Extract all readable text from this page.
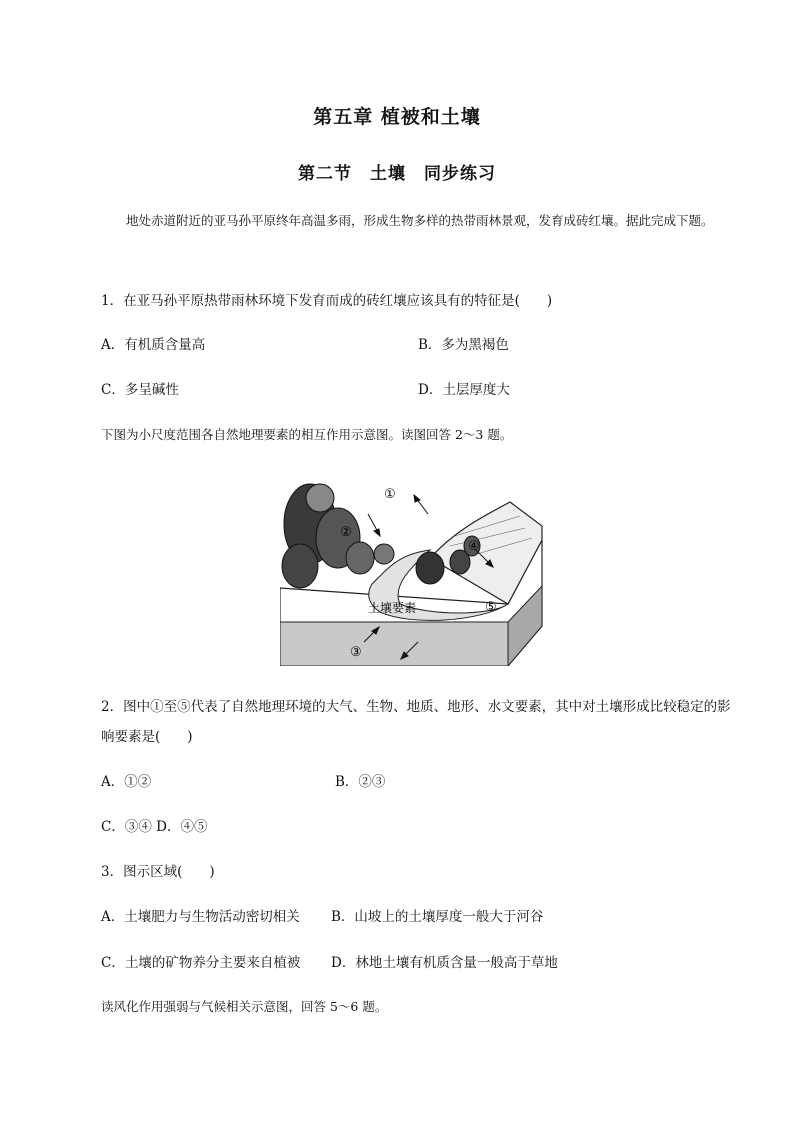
第五章 植被和土壤
第二节　土壤　同步练习
地处赤道附近的亚马孙平原终年高温多雨，形成生物多样的热带雨林景观，发育成砖红壤。据此完成下题。
1．在亚马孙平原热带雨林环境下发育而成的砖红壤应该具有的特征是(　　)
A．有机质含量高	B．多为黑褐色
C．多呈碱性	D．土层厚度大
下图为小尺度范围各自然地理要素的相互作用示意图。读图回答 2～3 题。
①
②
③
④
⑤
土壤要素
2．图中①至⑤代表了自然地理环境的大气、生物、地质、地形、水文要素，其中对土壤形成比较稳定的影响要素是(　　)
A．①②	B．②③
C．③④ D．④⑤
3．图示区域(　　)
A．土壤肥力与生物活动密切相关 B．山坡上的土壤厚度一般大于河谷
C．土壤的矿物养分主要来自植被 D．林地土壤有机质含量一般高于草地
读风化作用强弱与气候相关示意图，回答 5～6 题。
